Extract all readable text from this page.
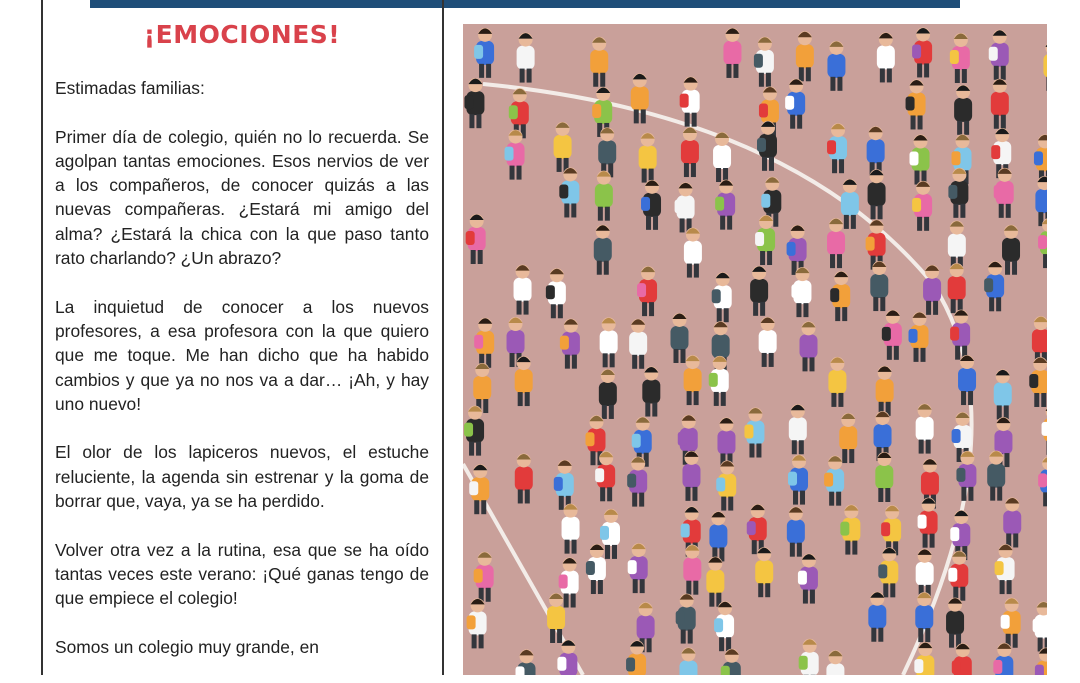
¡EMOCIONES!

Estimadas familias:

Primer día de colegio, quién no lo recuerda. Se agolpan tantas emociones. Esos nervios de ver a los compañeros, de conocer quizás a las nuevas compañeras. ¿Estará mi amigo del alma? ¿Estará la chica con la que paso tanto rato charlando? ¿Un abrazo?

La inquietud de conocer a los nuevos profesores, a esa profesora con la que quiero que me toque. Me han dicho que ha habido cambios y que ya no nos va a dar… ¡Ah, y hay uno nuevo!

El olor de los lapiceros nuevos, el estuche reluciente, la agenda sin estrenar y la goma de borrar que, vaya, ya se ha perdido.

Volver otra vez a la rutina, esa que se ha oído tantas veces este verano: ¡Qué ganas tengo de que empiece el colegio!

Somos un colegio muy grande, en
